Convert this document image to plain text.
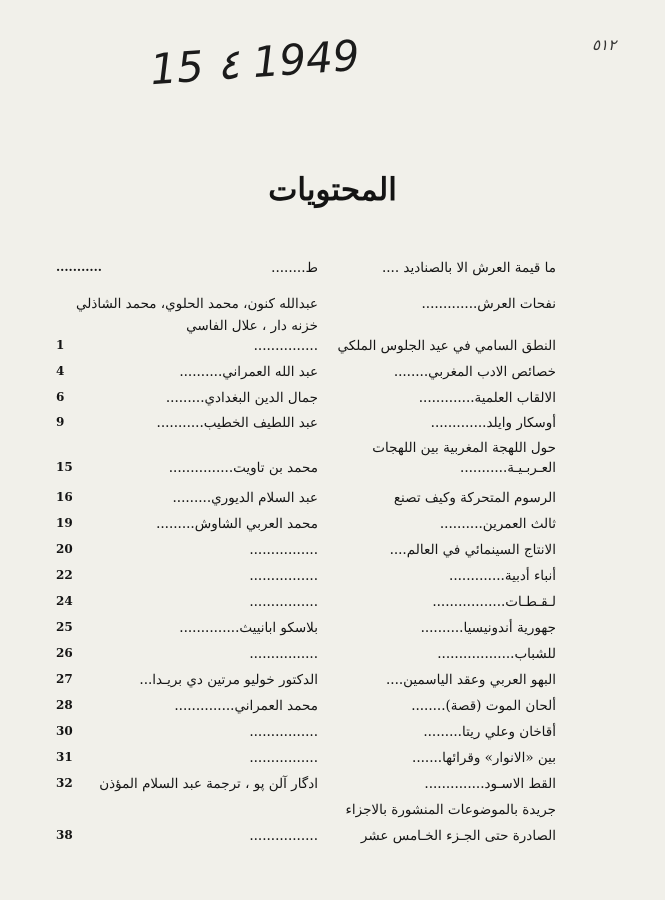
15 ٤ 1949	٥١٢
المحتويات
ما قيمة العرش الا بالصناديد ....
ط........
...........
نفحات العرش.............
عبدالله كنون، محمد الحلوي، محمد الشاذلي
خزنه دار ، علال الفاسي
النطق السامي في عيد الجلوس الملكي
...............
1
خصائص الادب المغربي........
عبد الله العمراني..........
4
الالقاب العلمية.............
جمال الدين البغدادي.........
6
أوسكار وايلد.............
عبد اللطيف الخطيب...........
9
حول اللهجة المغربية بين اللهجات
العـربـيـة...........
محمد بن تاويت...............
15
الرسوم المتحركة وكيف تصنع
عبد السلام الديوري.........
16
ثالث العمرين..........
محمد العربي الشاوش.........
19
الانتاج السينمائي في العالم....
................
20
أنباء أدبية.............
................
22
لـقـطـات.................
................
24
جهورية أندونيسيا..........
بلاسكو ابانييث..............
25
للشباب..................
................
26
البهو العربي وعقد الياسمين....
الدكتور خوليو مرتين دي بريـدا...
27
ألحان الموت (قصة)........
محمد العمراني..............
28
أقاخان وعلي ريتا.........
................
30
بين «الانوار» وقرائها.......
................
31
القط الاسـود..............
ادگار آلن پو ، ترجمة عبد السلام المؤذن
32
جريدة بالموضوعات المنشورة بالاجزاء
الصادرة حتى الجـزء الخـامس عشر
................
38
